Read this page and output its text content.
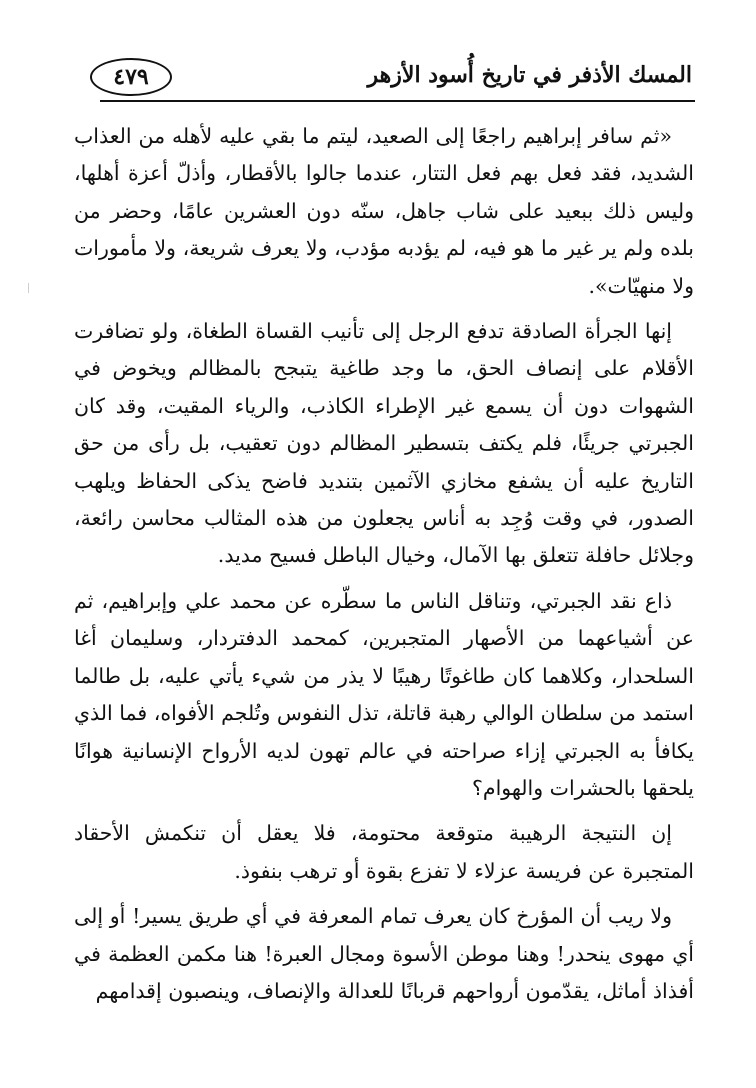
٤٧٩	المسك الأذفر في تاريخ أُسود الأزهر

«ثم سافر إبراهيم راجعًا إلى الصعيد، ليتم ما بقي عليه لأهله من العذاب الشديد، فقد فعل بهم فعل التتار، عندما جالوا بالأقطار، وأذلّ أعزة أهلها، وليس ذلك ببعيد على شاب جاهل، سنّه دون العشرين عامًا، وحضر من بلده ولم ير غير ما هو فيه، لم يؤدبه مؤدب، ولا يعرف شريعة، ولا مأمورات ولا منهيّات».

إنها الجرأة الصادقة تدفع الرجل إلى تأنيب القساة الطغاة، ولو تضافرت الأقلام على إنصاف الحق، ما وجد طاغية يتبجح بالمظالم ويخوض في الشهوات دون أن يسمع غير الإطراء الكاذب، والرياء المقيت، وقد كان الجبرتي جريئًا، فلم يكتف بتسطير المظالم دون تعقيب، بل رأى من حق التاريخ عليه أن يشفع مخازي الآثمين بتنديد فاضح يذكى الحفاظ ويلهب الصدور، في وقت وُجِد به أناس يجعلون من هذه المثالب محاسن رائعة، وجلائل حافلة تتعلق بها الآمال، وخيال الباطل فسيح مديد.

ذاع نقد الجبرتي، وتناقل الناس ما سطّره عن محمد علي وإبراهيم، ثم عن أشياعهما من الأصهار المتجبرين، كمحمد الدفتردار، وسليمان أغا السلحدار، وكلاهما كان طاغوتًا رهيبًا لا يذر من شيء يأتي عليه، بل طالما استمد من سلطان الوالي رهبة قاتلة، تذل النفوس وتُلجم الأفواه، فما الذي يكافأ به الجبرتي إزاء صراحته في عالم تهون لديه الأرواح الإنسانية هوانًا يلحقها بالحشرات والهوام؟

إن النتيجة الرهيبة متوقعة محتومة، فلا يعقل أن تنكمش الأحقاد المتجبرة عن فريسة عزلاء لا تفزع بقوة أو ترهب بنفوذ.

ولا ريب أن المؤرخ كان يعرف تمام المعرفة في أي طريق يسير! أو إلى أي مهوى ينحدر! وهنا موطن الأسوة ومجال العبرة! هنا مكمن العظمة في أفذاذ أماثل، يقدّمون أرواحهم قربانًا للعدالة والإنصاف، وينصبون إقدامهم
